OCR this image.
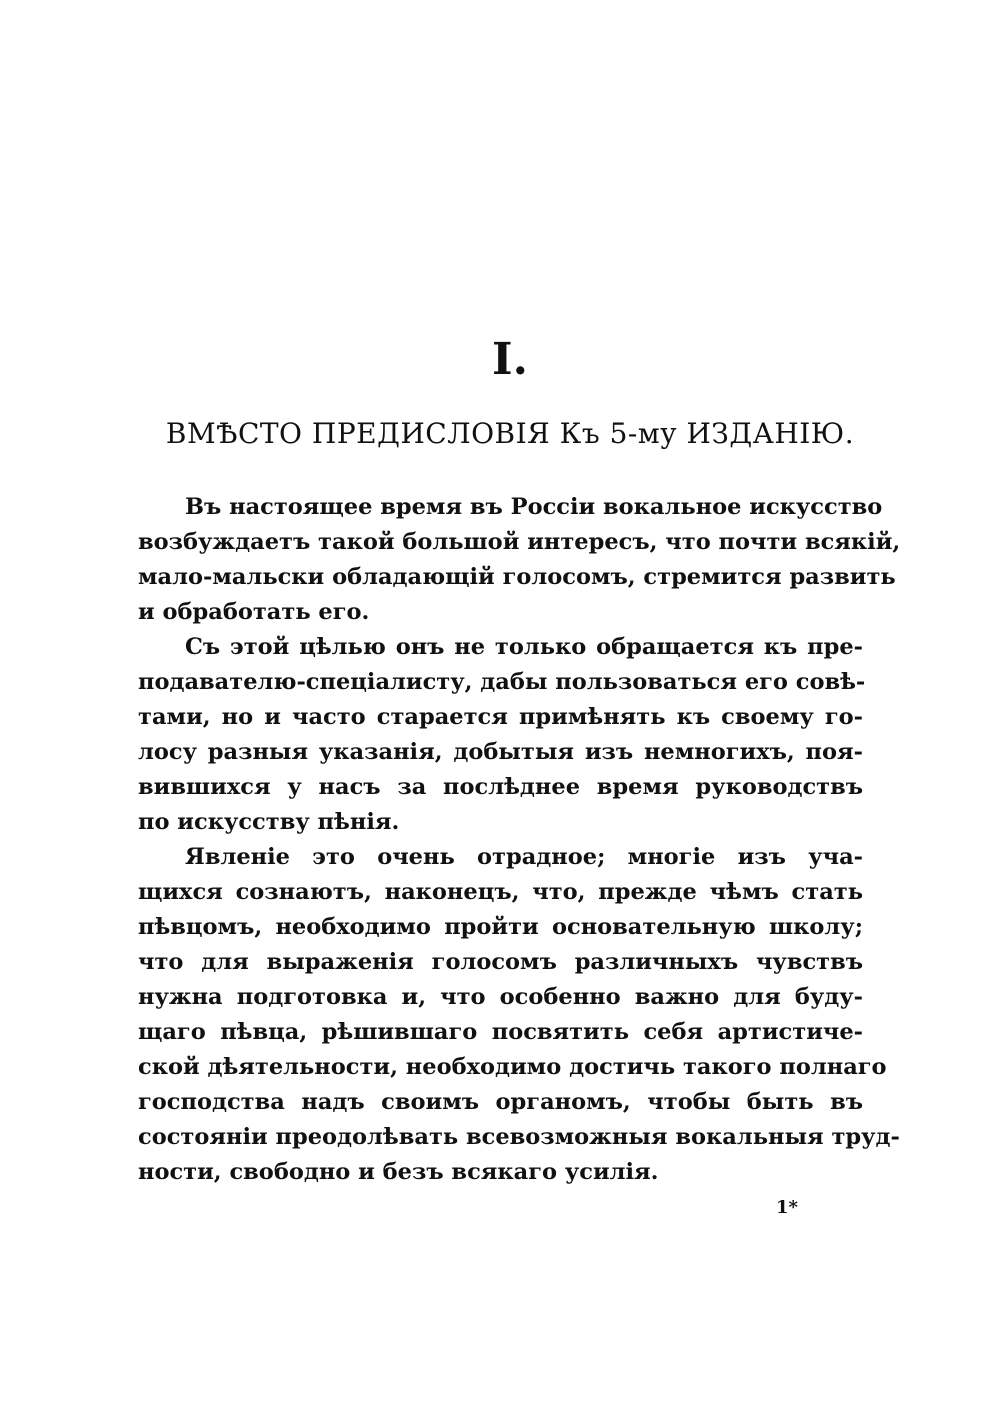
I.
ВМѢСТО ПРЕДИСЛОВIЯ Къ 5-му ИЗДАНIЮ.
Въ настоящее время въ Россiи вокальное искусство
возбуждаетъ такой большой интересъ, что почти всякiй,
мало-мальски обладающiй голосомъ, стремится развить
и обработать его.
Съ этой цѣлью онъ не только обращается къ пре-
подавателю-спецiалисту, дабы пользоваться его совѣ-
тами, но и часто старается примѣнять къ своему го-
лосу разныя указанiя, добытыя изъ немногихъ, поя-
вившихся у насъ за послѣднее время руководствъ
по искусству пѣнiя.
Явленiе это очень отрадное; многiе изъ уча-
щихся сознаютъ, наконецъ, что, прежде чѣмъ стать
пѣвцомъ, необходимо пройти основательную школу;
что для выраженiя голосомъ различныхъ чувствъ
нужна подготовка и, что особенно важно для буду-
щаго пѣвца, рѣшившаго посвятить себя артистиче-
ской дѣятельности, необходимо достичь такого полнаго
господства надъ своимъ органомъ, чтобы быть въ
состоянiи преодолѣвать всевозможныя вокальныя труд-
ности, свободно и безъ всякаго усилiя.
1*
